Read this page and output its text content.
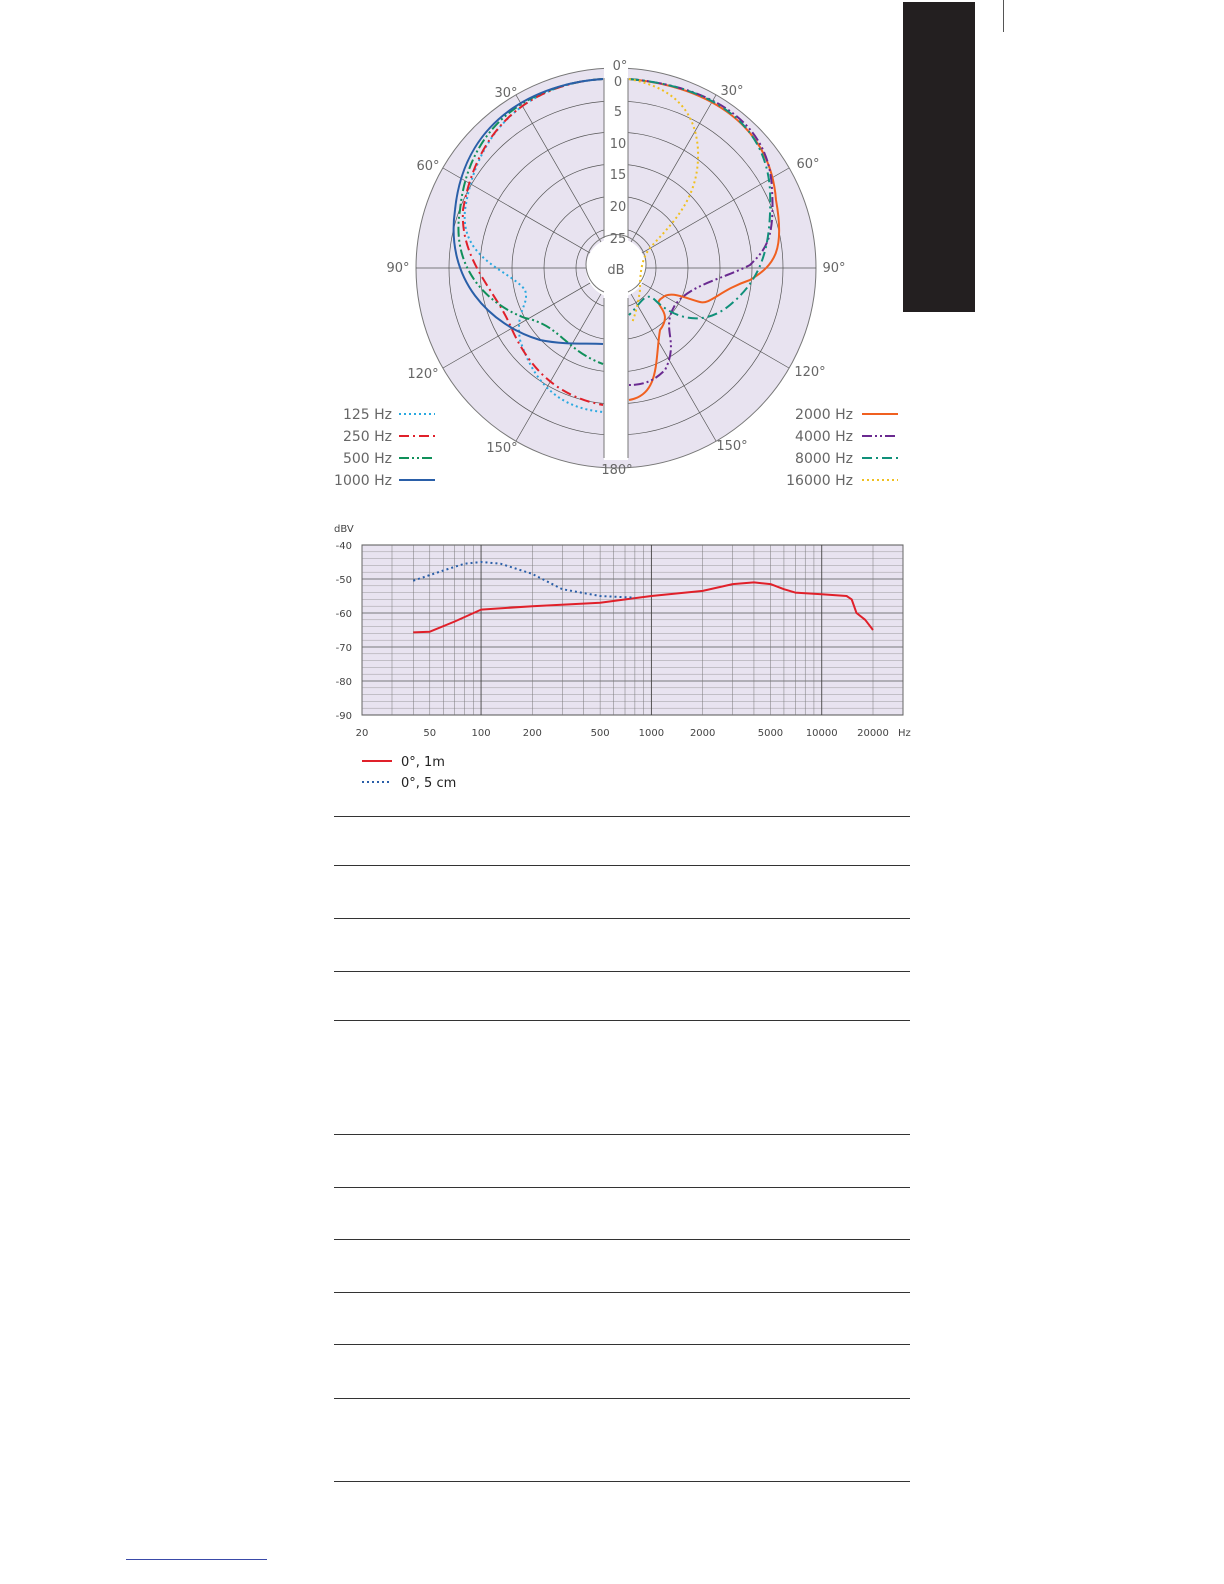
0
5
10
15
20
25
dB
0°
30°	30°
60°	60°
90°	90°
120°	120°
150°	150°
180°
125 Hz
250 Hz
500 Hz
1000 Hz
2000 Hz
4000 Hz
8000 Hz
16000 Hz
-40
-50
-60
-70
-80
-90
20	50	100	200	500	1000	2000	5000 10000 20000
dBV
Hz
0°, 1m
0°, 5 cm
